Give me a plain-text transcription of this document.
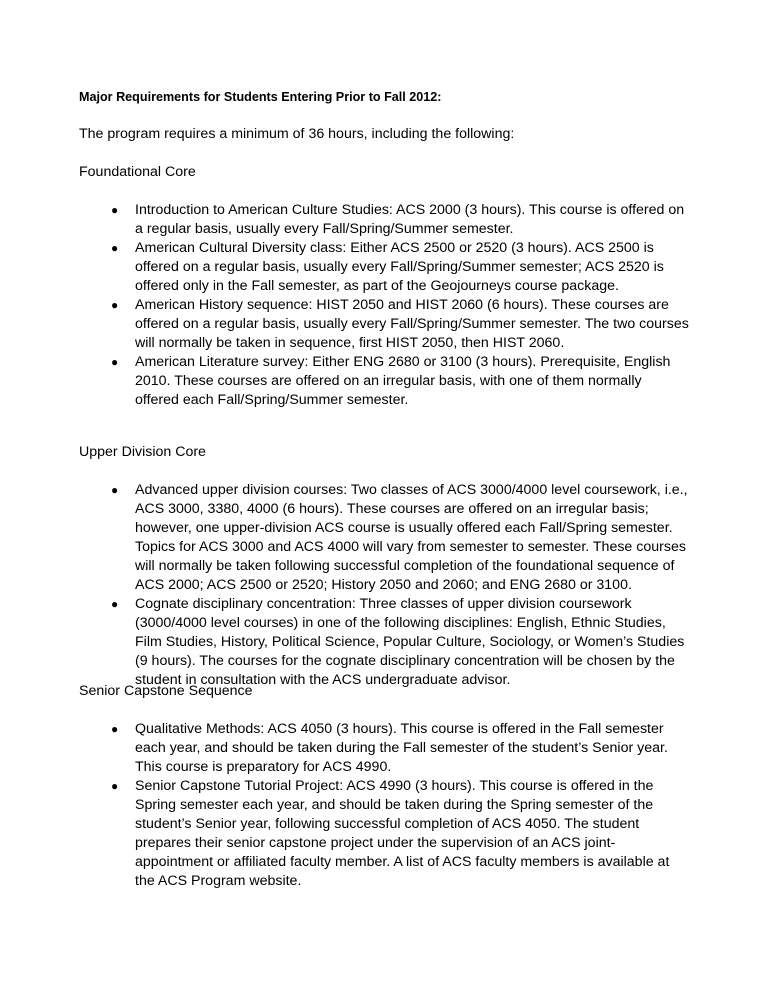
Major Requirements for Students Entering Prior to Fall 2012:
The program requires a minimum of 36 hours, including the following:
Foundational Core
● Introduction to American Culture Studies: ACS 2000 (3 hours). This course is offered on a regular basis, usually every Fall/Spring/Summer semester.
● American Cultural Diversity class: Either ACS 2500 or 2520 (3 hours). ACS 2500 is offered on a regular basis, usually every Fall/Spring/Summer semester; ACS 2520 is offered only in the Fall semester, as part of the Geojourneys course package.
● American History sequence: HIST 2050 and HIST 2060 (6 hours). These courses are offered on a regular basis, usually every Fall/Spring/Summer semester. The two courses will normally be taken in sequence, first HIST 2050, then HIST 2060.
● American Literature survey: Either ENG 2680 or 3100 (3 hours). Prerequisite, English 2010. These courses are offered on an irregular basis, with one of them normally offered each Fall/Spring/Summer semester.
Upper Division Core
● Advanced upper division courses: Two classes of ACS 3000/4000 level coursework, i.e., ACS 3000, 3380, 4000 (6 hours). These courses are offered on an irregular basis; however, one upper-division ACS course is usually offered each Fall/Spring semester. Topics for ACS 3000 and ACS 4000 will vary from semester to semester. These courses will normally be taken following successful completion of the foundational sequence of ACS 2000; ACS 2500 or 2520; History 2050 and 2060; and ENG 2680 or 3100.
● Cognate disciplinary concentration: Three classes of upper division coursework (3000/4000 level courses) in one of the following disciplines: English, Ethnic Studies, Film Studies, History, Political Science, Popular Culture, Sociology, or Women’s Studies (9 hours). The courses for the cognate disciplinary concentration will be chosen by the student in consultation with the ACS undergraduate advisor.
Senior Capstone Sequence
● Qualitative Methods: ACS 4050 (3 hours). This course is offered in the Fall semester each year, and should be taken during the Fall semester of the student’s Senior year. This course is preparatory for ACS 4990.
● Senior Capstone Tutorial Project: ACS 4990 (3 hours). This course is offered in the Spring semester each year, and should be taken during the Spring semester of the student’s Senior year, following successful completion of ACS 4050. The student prepares their senior capstone project under the supervision of an ACS joint-appointment or affiliated faculty member. A list of ACS faculty members is available at the ACS Program website.
